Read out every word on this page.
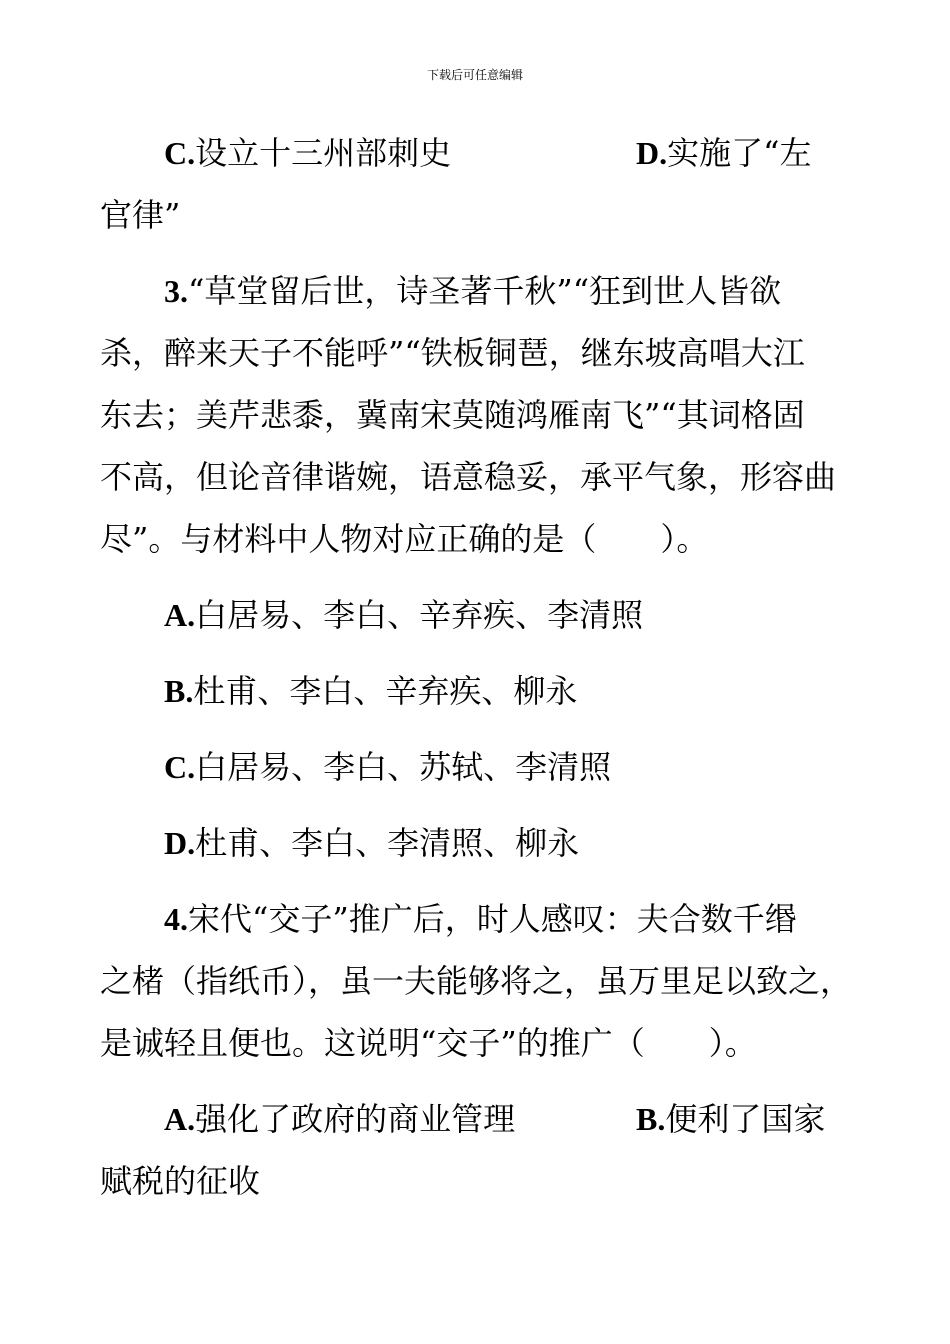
下载后可任意编辑
C.设立十三州部刺史	D.实施了“左
官律”
3.“草堂留后世，诗圣著千秋”“狂到世人皆欲
杀，醉来天子不能呼”“铁板铜琶，继东坡高唱大江
东去；美芹悲黍，冀南宋莫随鸿雁南飞”“其词格固
不高，但论音律谐婉，语意稳妥，承平气象，形容曲
尽”。与材料中人物对应正确的是（　　）。
A.白居易、李白、辛弃疾、李清照
B.杜甫、李白、辛弃疾、柳永
C.白居易、李白、苏轼、李清照
D.杜甫、李白、李清照、柳永
4.宋代“交子”推广后，时人感叹：夫合数千缗
之楮（指纸币），虽一夫能够将之，虽万里足以致之，
是诚轻且便也。这说明“交子”的推广（　　）。
A.强化了政府的商业管理	B.便利了国家
赋税的征收
